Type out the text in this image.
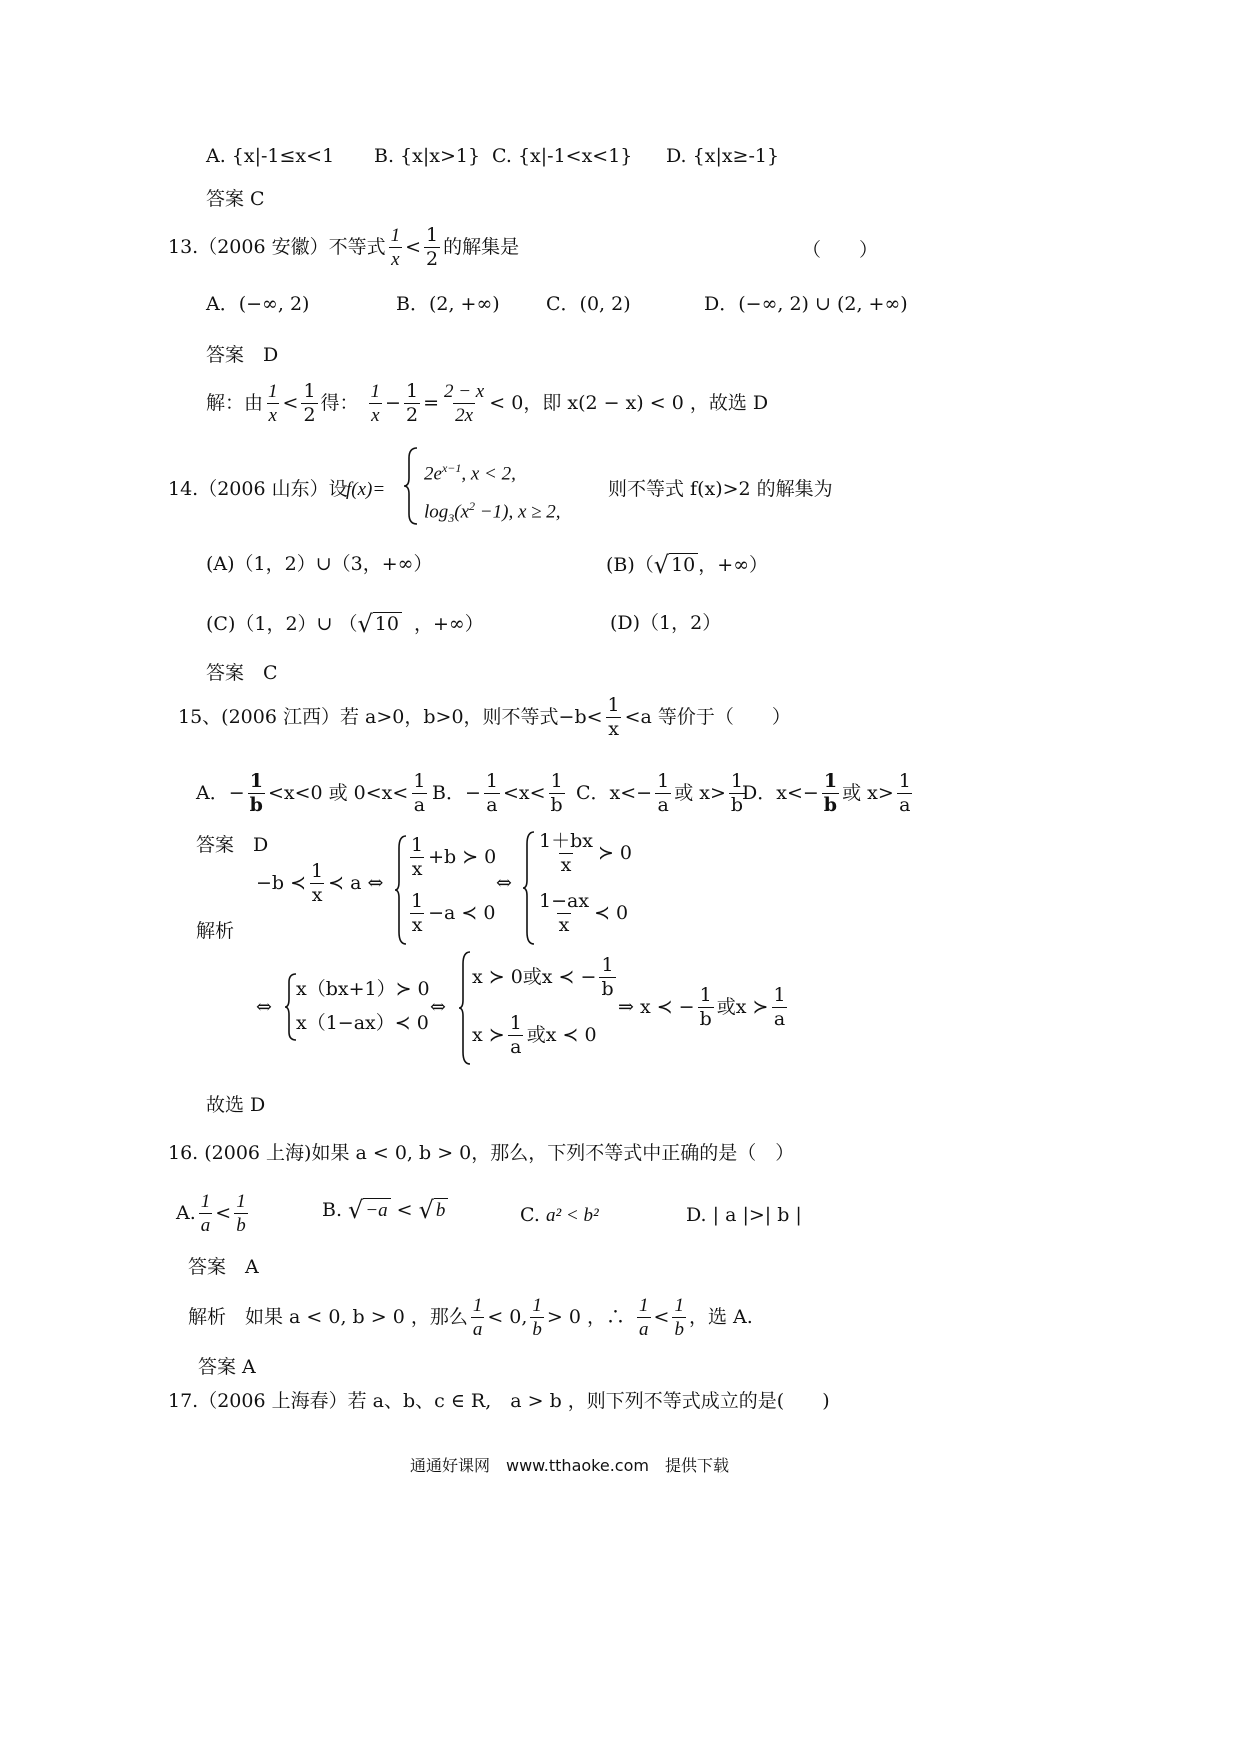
A. {x|-1≤x<1 B. {x|x>1} C. {x|-1<x<1} D. {x|x≥-1}
答案 C
13.（2006 安徽）不等式
1
x
<
1
2
的解集是	（　　）
A．(−∞, 2)	B．(2, +∞) C．(0, 2)	D．(−∞, 2) ∪ (2, +∞)
答案　D
解：由
1
x
<
1
2
得：
1
x
− $\frac{1}{2} = \frac{2 - x}{2x} < 0$ ，即 x(2 − x) < 0 ，故选 D
14.（2006 山东）设
f(x)=
$2e^{x-1}$, x < 2,
$\log_3(x^2 -1)$, x ≥ 2,
则不等式 f(x)>2 的解集为
(A)（1，2）∪（3，+∞）	(B)（ √ 10 ，+∞）
(C)（1，2）∪ （ √ 10 ，+∞）	(D)（1，2）
答案　C
15、(2006 江西）若 a>0，b>0，则不等式−b<
1
x
<a 等价于（　　）
A．− $\frac{1}{b} <x<0$ 或 0<x<
1
a
B．− $\frac{1}{a} <x<$
1
b
C．$x<- \frac{1}{a}$ 或 x>
1
b
D．$x<- \frac{1}{b}$ 或 x>
1
a
答案　D
解析
−b ≺
1
x
≺ a ⇔
1
x
+b ≻ 0
1
x
−a ≺ 0
⇔
1＋bx
x
≻ 0
1−ax
x
≺ 0
⇔
x（bx+1）≻ 0
x（1−ax）≺ 0
⇔
x ≻ 0或x ≺ − $\frac{1}{b}$
x ≻
1
a
或x ≺ 0
⇒ x ≺ − $\frac{1}{b}$ 或x ≻
1
a
故选 D
16. (2006 上海)如果 a < 0, b > 0，那么，下列不等式中正确的是（　）
A.
1
a
<
1
b
B. √ −a < √ b	C. a² < b²	D. | a |>| b |
答案　A
解析　如果 a < 0, b > 0 ，那么
1
a
< 0,
1
b
> 0 ，∴
1
a
<
1
b
，选 A.
答案 A
17.（2006 上海春）若 a、b、c ∈ R,　a > b ，则下列不等式成立的是(　　)
通通好课网　www.tthaoke.com　提供下载
